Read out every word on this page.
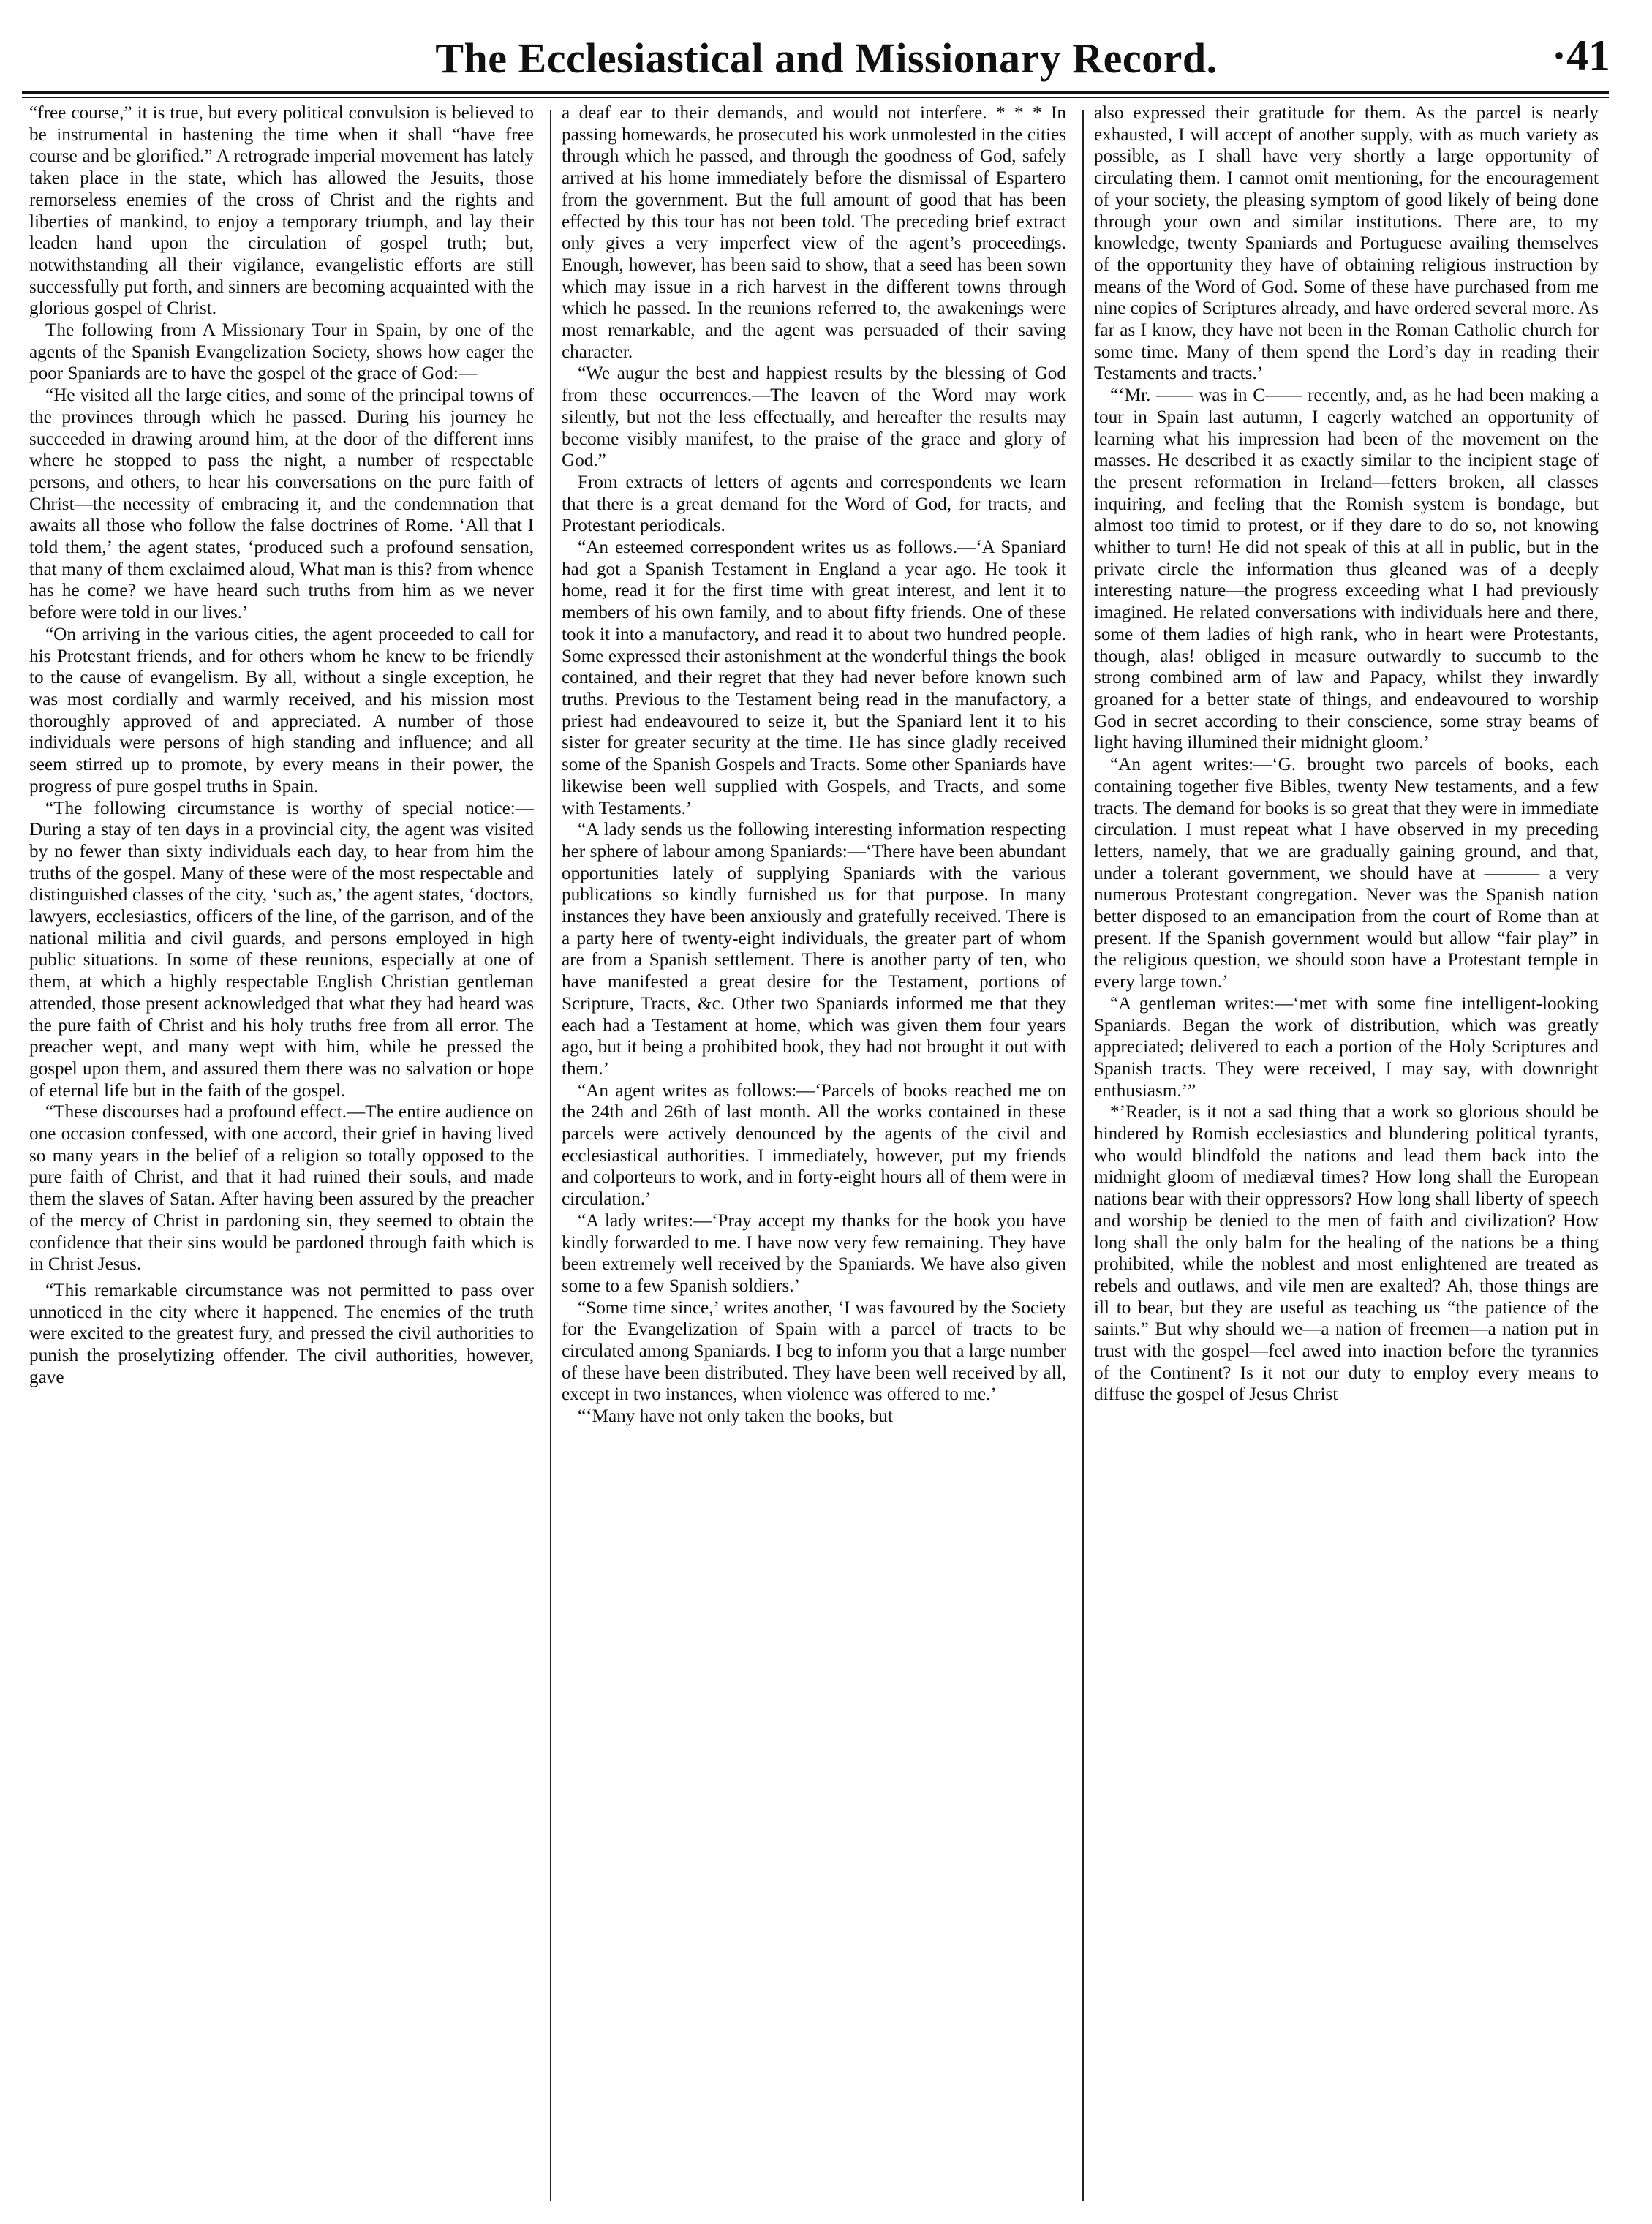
The Ecclesiastical and Missionary Record.	·41

“free course,” it is true, but every political convulsion is believed to be instrumental in hastening the time when it shall “have free course and be glorified.” A retrograde imperial movement has lately taken place in the state, which has allowed the Jesuits, those remorseless enemies of the cross of Christ and the rights and liberties of mankind, to enjoy a temporary triumph, and lay their leaden hand upon the circulation of gospel truth; but, notwithstanding all their vigilance, evangelistic efforts are still successfully put forth, and sinners are becoming acquainted with the glorious gospel of Christ.

The following from A Missionary Tour in Spain, by one of the agents of the Spanish Evangelization Society, shows how eager the poor Spaniards are to have the gospel of the grace of God:—

“He visited all the large cities, and some of the principal towns of the provinces through which he passed. During his journey he succeeded in drawing around him, at the door of the different inns where he stopped to pass the night, a number of respectable persons, and others, to hear his conversations on the pure faith of Christ—the necessity of embracing it, and the condemnation that awaits all those who follow the false doctrines of Rome. ‘All that I told them,’ the agent states, ‘produced such a profound sensation, that many of them exclaimed aloud, What man is this? from whence has he come? we have heard such truths from him as we never before were told in our lives.’

“On arriving in the various cities, the agent proceeded to call for his Protestant friends, and for others whom he knew to be friendly to the cause of evangelism. By all, without a single exception, he was most cordially and warmly received, and his mission most thoroughly approved of and appreciated. A number of those individuals were persons of high standing and influence; and all seem stirred up to promote, by every means in their power, the progress of pure gospel truths in Spain.

“The following circumstance is worthy of special notice:—During a stay of ten days in a provincial city, the agent was visited by no fewer than sixty individuals each day, to hear from him the truths of the gospel. Many of these were of the most respectable and distinguished classes of the city, ‘such as,’ the agent states, ‘doctors, lawyers, ecclesiastics, officers of the line, of the garrison, and of the national militia and civil guards, and persons employed in high public situations. In some of these reunions, especially at one of them, at which a highly respectable English Christian gentleman attended, those present acknowledged that what they had heard was the pure faith of Christ and his holy truths free from all error. The preacher wept, and many wept with him, while he pressed the gospel upon them, and assured them there was no salvation or hope of eternal life but in the faith of the gospel.

“These discourses had a profound effect.—The entire audience on one occasion confessed, with one accord, their grief in having lived so many years in the belief of a religion so totally opposed to the pure faith of Christ, and that it had ruined their souls, and made them the slaves of Satan. After having been assured by the preacher of the mercy of Christ in pardoning sin, they seemed to obtain the confidence that their sins would be pardoned through faith which is in Christ Jesus.

“This remarkable circumstance was not permitted to pass over unnoticed in the city where it happened. The enemies of the truth were excited to the greatest fury, and pressed the civil authorities to punish the proselytizing offender. The civil authorities, however, gave

a deaf ear to their demands, and would not interfere. * * * In passing homewards, he prosecuted his work unmolested in the cities through which he passed, and through the goodness of God, safely arrived at his home immediately before the dismissal of Espartero from the government. But the full amount of good that has been effected by this tour has not been told. The preceding brief extract only gives a very imperfect view of the agent’s proceedings. Enough, however, has been said to show, that a seed has been sown which may issue in a rich harvest in the different towns through which he passed. In the reunions referred to, the awakenings were most remarkable, and the agent was persuaded of their saving character.

“We augur the best and happiest results by the blessing of God from these occurrences.—The leaven of the Word may work silently, but not the less effectually, and hereafter the results may become visibly manifest, to the praise of the grace and glory of God.”

From extracts of letters of agents and correspondents we learn that there is a great demand for the Word of God, for tracts, and Protestant periodicals.

“An esteemed correspondent writes us as follows.—‘A Spaniard had got a Spanish Testament in England a year ago. He took it home, read it for the first time with great interest, and lent it to members of his own family, and to about fifty friends. One of these took it into a manufactory, and read it to about two hundred people. Some expressed their astonishment at the wonderful things the book contained, and their regret that they had never before known such truths. Previous to the Testament being read in the manufactory, a priest had endeavoured to seize it, but the Spaniard lent it to his sister for greater security at the time. He has since gladly received some of the Spanish Gospels and Tracts. Some other Spaniards have likewise been well supplied with Gospels, and Tracts, and some with Testaments.’

“A lady sends us the following interesting information respecting her sphere of labour among Spaniards:—‘There have been abundant opportunities lately of supplying Spaniards with the various publications so kindly furnished us for that purpose. In many instances they have been anxiously and gratefully received. There is a party here of twenty-eight individuals, the greater part of whom are from a Spanish settlement. There is another party of ten, who have manifested a great desire for the Testament, portions of Scripture, Tracts, &c. Other two Spaniards informed me that they each had a Testament at home, which was given them four years ago, but it being a prohibited book, they had not brought it out with them.’

“An agent writes as follows:—‘Parcels of books reached me on the 24th and 26th of last month. All the works contained in these parcels were actively denounced by the agents of the civil and ecclesiastical authorities. I immediately, however, put my friends and colporteurs to work, and in forty-eight hours all of them were in circulation.’

“A lady writes:—‘Pray accept my thanks for the book you have kindly forwarded to me. I have now very few remaining. They have been extremely well received by the Spaniards. We have also given some to a few Spanish soldiers.’

“Some time since,’ writes another, ‘I was favoured by the Society for the Evangelization of Spain with a parcel of tracts to be circulated among Spaniards. I beg to inform you that a large number of these have been distributed. They have been well received by all, except in two instances, when violence was offered to me.’

“‘Many have not only taken the books, but

also expressed their gratitude for them. As the parcel is nearly exhausted, I will accept of another supply, with as much variety as possible, as I shall have very shortly a large opportunity of circulating them. I cannot omit mentioning, for the encouragement of your society, the pleasing symptom of good likely of being done through your own and similar institutions. There are, to my knowledge, twenty Spaniards and Portuguese availing themselves of the opportunity they have of obtaining religious instruction by means of the Word of God. Some of these have purchased from me nine copies of Scriptures already, and have ordered several more. As far as I know, they have not been in the Roman Catholic church for some time. Many of them spend the Lord’s day in reading their Testaments and tracts.’

“‘Mr. —— was in C—— recently, and, as he had been making a tour in Spain last autumn, I eagerly watched an opportunity of learning what his impression had been of the movement on the masses. He described it as exactly similar to the incipient stage of the present reformation in Ireland—fetters broken, all classes inquiring, and feeling that the Romish system is bondage, but almost too timid to protest, or if they dare to do so, not knowing whither to turn! He did not speak of this at all in public, but in the private circle the information thus gleaned was of a deeply interesting nature—the progress exceeding what I had previously imagined. He related conversations with individuals here and there, some of them ladies of high rank, who in heart were Protestants, though, alas! obliged in measure outwardly to succumb to the strong combined arm of law and Papacy, whilst they inwardly groaned for a better state of things, and endeavoured to worship God in secret according to their conscience, some stray beams of light having illumined their midnight gloom.’

“An agent writes:—‘G. brought two parcels of books, each containing together five Bibles, twenty New testaments, and a few tracts. The demand for books is so great that they were in immediate circulation. I must repeat what I have observed in my preceding letters, namely, that we are gradually gaining ground, and that, under a tolerant government, we should have at ——— a very numerous Protestant congregation. Never was the Spanish nation better disposed to an emancipation from the court of Rome than at present. If the Spanish government would but allow “fair play” in the religious question, we should soon have a Protestant temple in every large town.’

“A gentleman writes:—‘met with some fine intelligent-looking Spaniards. Began the work of distribution, which was greatly appreciated; delivered to each a portion of the Holy Scriptures and Spanish tracts. They were received, I may say, with downright enthusiasm.’”

*’Reader, is it not a sad thing that a work so glorious should be hindered by Romish ecclesiastics and blundering political tyrants, who would blindfold the nations and lead them back into the midnight gloom of mediæval times? How long shall the European nations bear with their oppressors? How long shall liberty of speech and worship be denied to the men of faith and civilization? How long shall the only balm for the healing of the nations be a thing prohibited, while the noblest and most enlightened are treated as rebels and outlaws, and vile men are exalted? Ah, those things are ill to bear, but they are useful as teaching us “the patience of the saints.” But why should we—a nation of freemen—a nation put in trust with the gospel—feel awed into inaction before the tyrannies of the Continent? Is it not our duty to employ every means to diffuse the gospel of Jesus Christ
